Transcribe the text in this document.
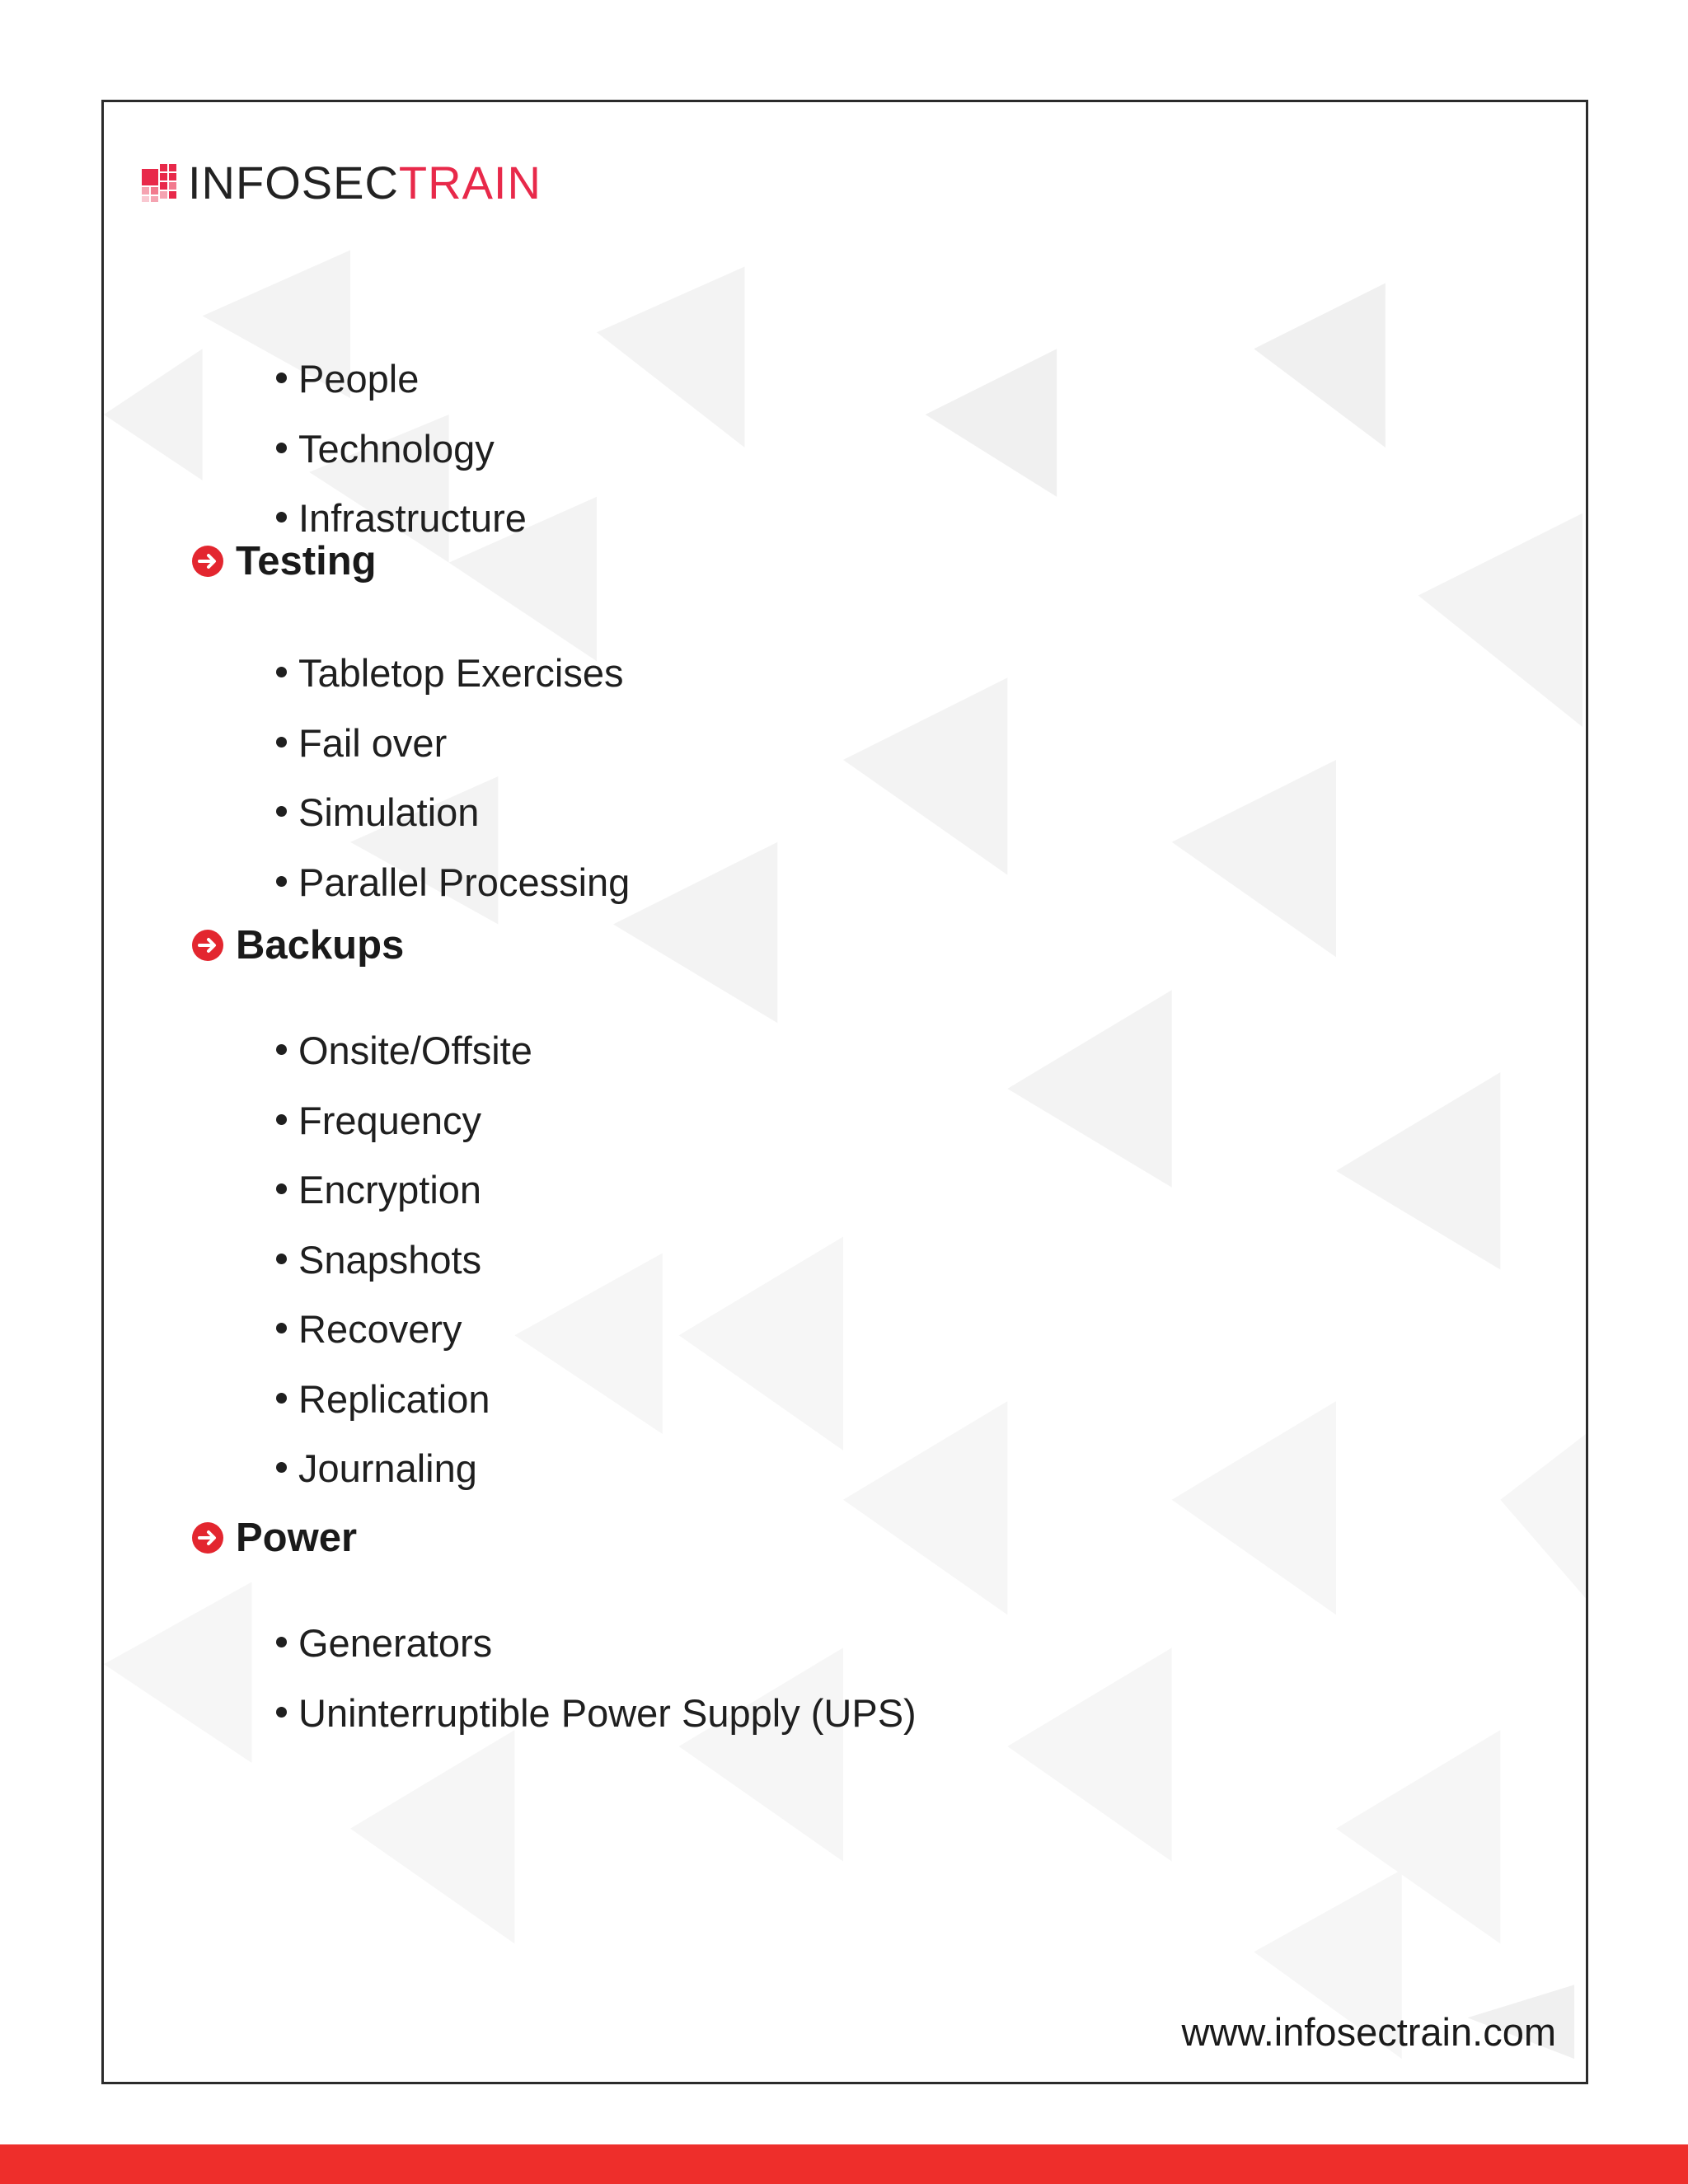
INFOSECTRAIN
People
Technology
Infrastructure
Testing
Tabletop Exercises
Fail over
Simulation
Parallel Processing
Backups
Onsite/Offsite
Frequency
Encryption
Snapshots
Recovery
Replication
Journaling
Power
Generators
Uninterruptible Power Supply (UPS)
www.infosectrain.com
